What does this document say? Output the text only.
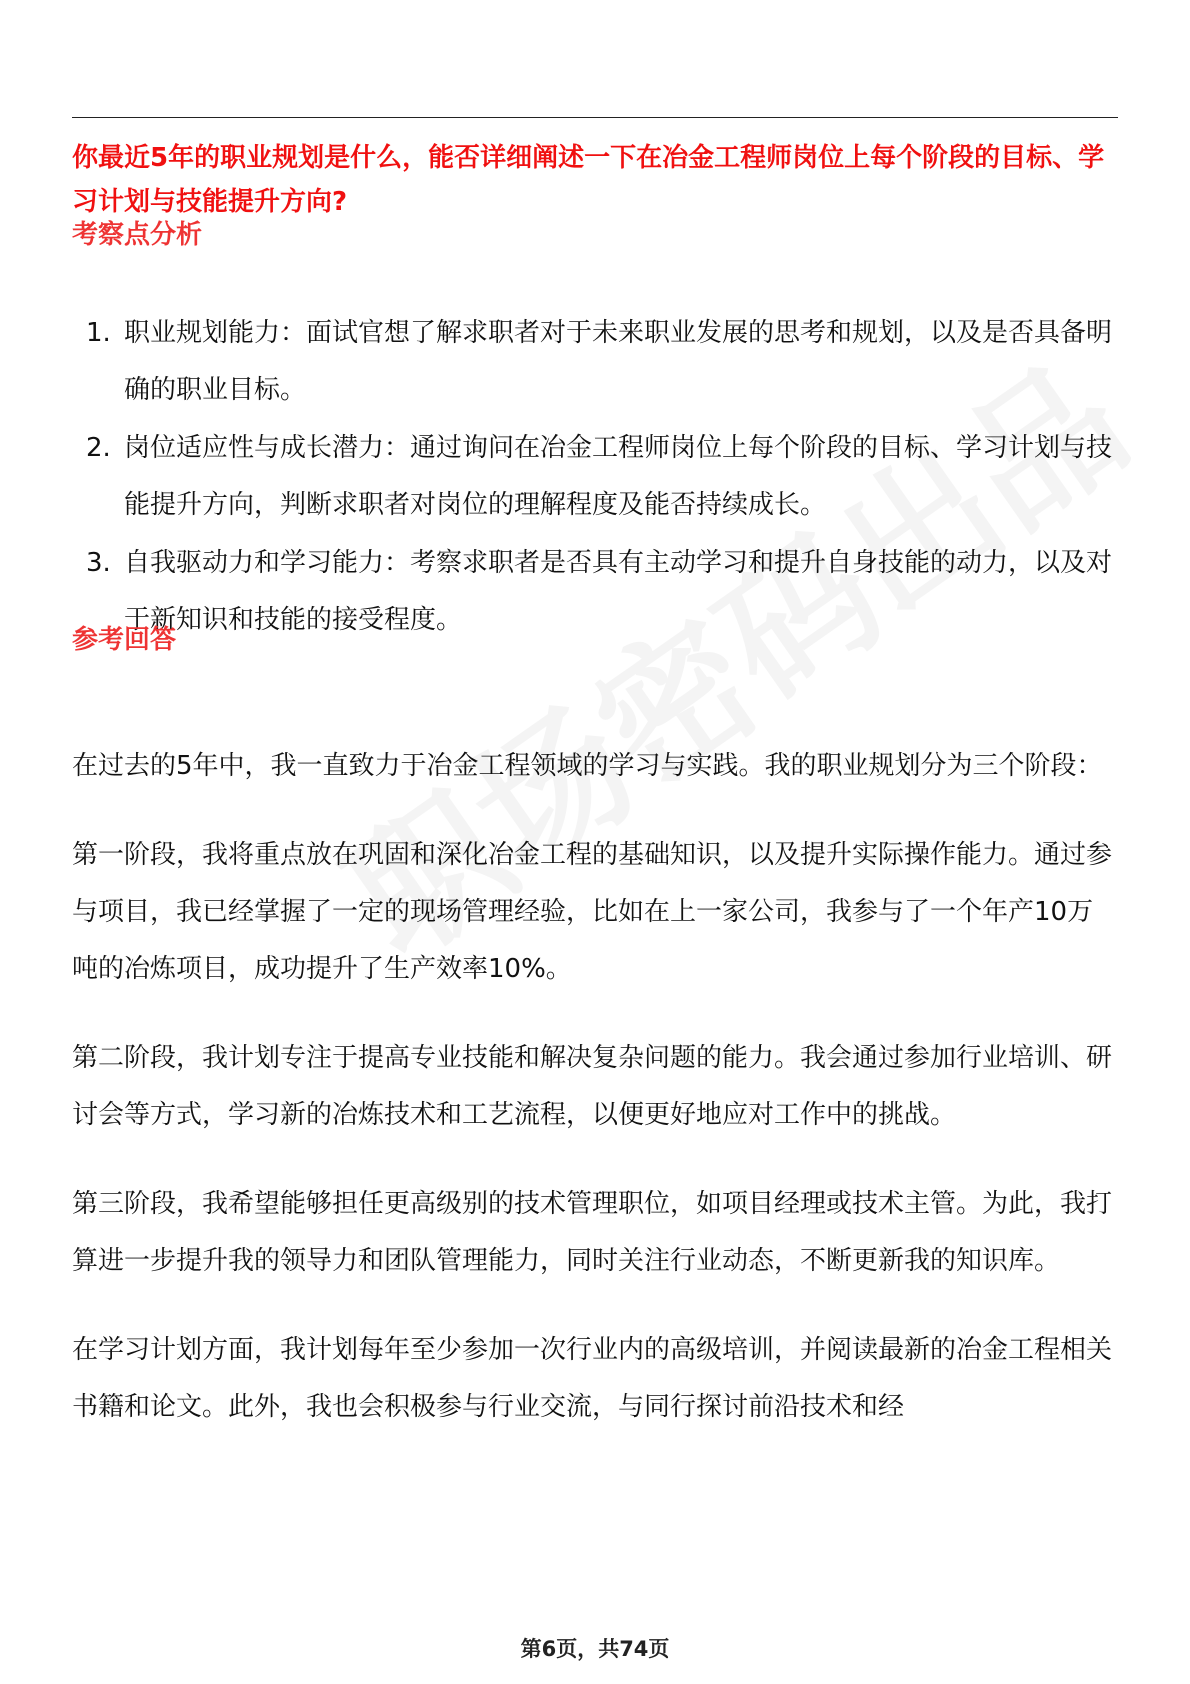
你最近5年的职业规划是什么，能否详细阐述一下在冶金工程师岗位上每个阶段的目标、学习计划与技能提升方向?
考察点分析
1. 职业规划能力：面试官想了解求职者对于未来职业发展的思考和规划，以及是否具备明确的职业目标。
2. 岗位适应性与成长潜力：通过询问在冶金工程师岗位上每个阶段的目标、学习计划与技能提升方向，判断求职者对岗位的理解程度及能否持续成长。
3. 自我驱动力和学习能力：考察求职者是否具有主动学习和提升自身技能的动力，以及对于新知识和技能的接受程度。
参考回答

在过去的5年中，我一直致力于冶金工程领域的学习与实践。我的职业规划分为三个阶段：

第一阶段，我将重点放在巩固和深化冶金工程的基础知识，以及提升实际操作能力。通过参与项目，我已经掌握了一定的现场管理经验，比如在上一家公司，我参与了一个年产10万吨的冶炼项目，成功提升了生产效率10%。

第二阶段，我计划专注于提高专业技能和解决复杂问题的能力。我会通过参加行业培训、研讨会等方式，学习新的冶炼技术和工艺流程，以便更好地应对工作中的挑战。

第三阶段，我希望能够担任更高级别的技术管理职位，如项目经理或技术主管。为此，我打算进一步提升我的领导力和团队管理能力，同时关注行业动态，不断更新我的知识库。

在学习计划方面，我计划每年至少参加一次行业内的高级培训，并阅读最新的冶金工程相关书籍和论文。此外，我也会积极参与行业交流，与同行探讨前沿技术和经

第6页，共74页
